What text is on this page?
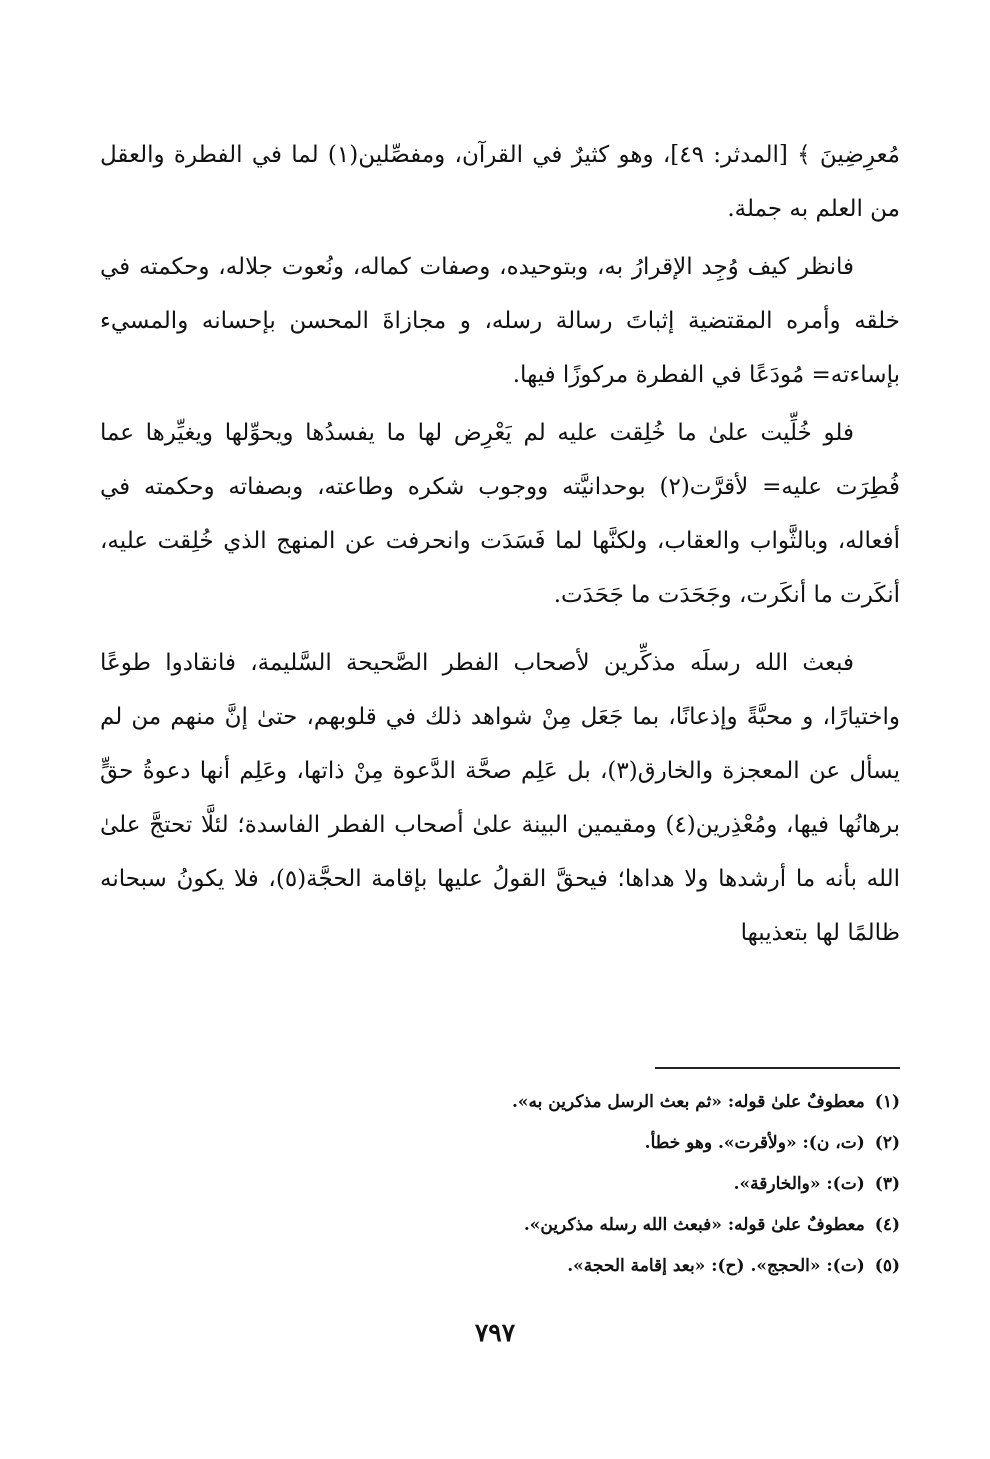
مُعرِضِينَ ﴾ [المدثر: ٤٩]، وهو كثيرٌ في القرآن، ومفصِّلين(١) لما في الفطرة والعقل من العلم به جملة.

فانظر كيف وُجِد الإقرارُ به، وبتوحيده، وصفات كماله، ونُعوت جلاله، وحكمته في خلقه وأمره المقتضية إثباتَ رسالة رسله، و مجازاةَ المحسن بإحسانه والمسيء بإساءته= مُودَعًا في الفطرة مركوزًا فيها.

فلو خُلِّيت علىٰ ما خُلِقت عليه لم يَعْرِض لها ما يفسدُها ويحوِّلها ويغيِّرها عما فُطِرَت عليه= لأقرَّت(٢) بوحدانيَّته ووجوب شكره وطاعته، وبصفاته وحكمته في أفعاله، وبالثَّواب والعقاب، ولكنَّها لما فَسَدَت وانحرفت عن المنهج الذي خُلِقت عليه، أنكَرت ما أنكَرت، وجَحَدَت ما جَحَدَت.

فبعث الله رسلَه مذكِّرين لأصحاب الفطر الصَّحيحة السَّليمة، فانقادوا طوعًا واختيارًا، و محبَّةً وإذعانًا، بما جَعَل مِنْ شواهد ذلك في قلوبهم، حتىٰ إنَّ منهم من لم يسأل عن المعجزة والخارق(٣)، بل عَلِم صحَّة الدَّعوة مِنْ ذاتها، وعَلِم أنها دعوةُ حقٍّ برهانُها فيها، ومُعْذِرين(٤) ومقيمين البينة علىٰ أصحاب الفطر الفاسدة؛ لئلَّا تحتجَّ علىٰ الله بأنه ما أرشدها ولا هداها؛ فيحقَّ القولُ عليها بإقامة الحجَّة(٥)، فلا يكونُ سبحانه ظالمًا لها بتعذيبها

(١)معطوفٌ علىٰ قوله: «ثم بعث الرسل مذكرين به».
(٢)(ت، ن): «ولأقرت». وهو خطأ.
(٣)(ت): «والخارقة».
(٤)معطوفٌ علىٰ قوله: «فبعث الله رسله مذكرين».
(٥)(ت): «الحجج». (ح): «بعد إقامة الحجة».
٧٩٧
